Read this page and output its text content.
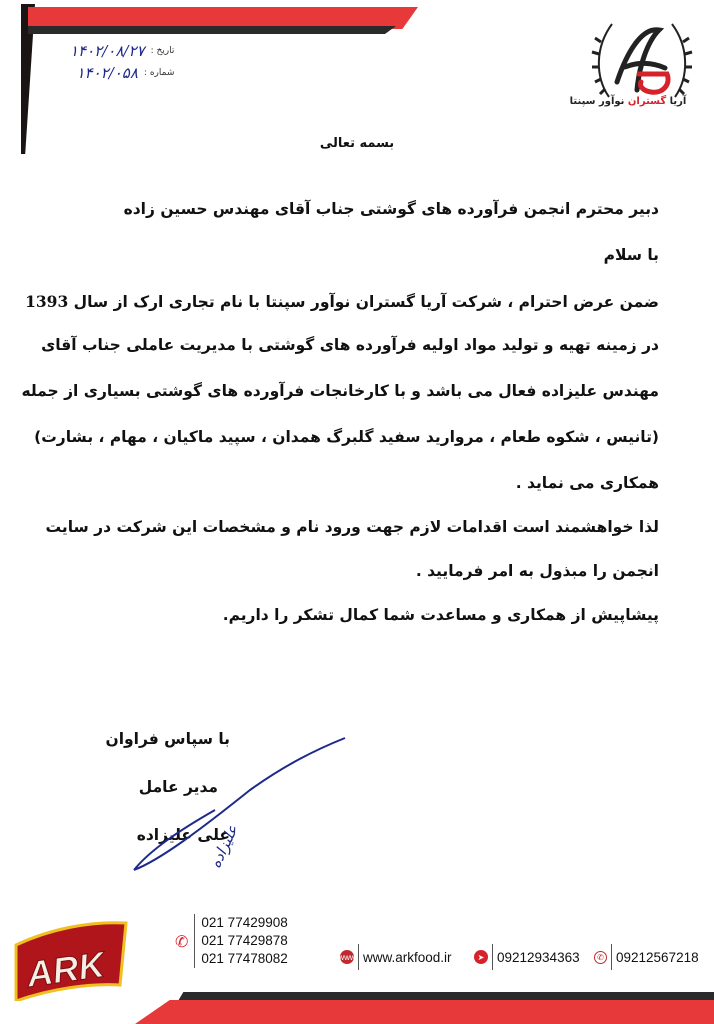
آریا گستران نوآور سپنتا
تاریخ :
۱۴۰۲/۰۸/۲۷
شماره :
۱۴۰۲/۰۵۸
بسمه تعالی
دبیر محترم انجمن فرآورده های گوشتی جناب آقای مهندس حسین زاده
با سلام
ضمن عرض احترام ، شرکت آریا گستران نوآور سپنتا با نام تجاری ارک از سال 1393
در زمینه تهیه و تولید مواد اولیه فرآورده های گوشتی با مدیریت عاملی جناب آقای
مهندس علیزاده فعال می باشد و با کارخانجات فرآورده های گوشتی بسیاری از جمله
(تانیس ، شکوه طعام ، مروارید سفید گلبرگ همدان ، سپید ماکیان ، مهام ، بشارت)
همکاری می نماید .
لذا خواهشمند است اقدامات لازم جهت ورود نام و مشخصات این شرکت در سایت
انجمن را مبذول به امر فرمایید .
پیشاپیش از همکاری و مساعدت شما کمال تشکر را داریم.
با سپاس فراوان
مدیر عامل
علی علیزاده
علیزاده
ARK
✆
021 77429908
021 77429878
021 77478082	www www.arkfood.ir	➤ 09212934363	✆ 09212567218
